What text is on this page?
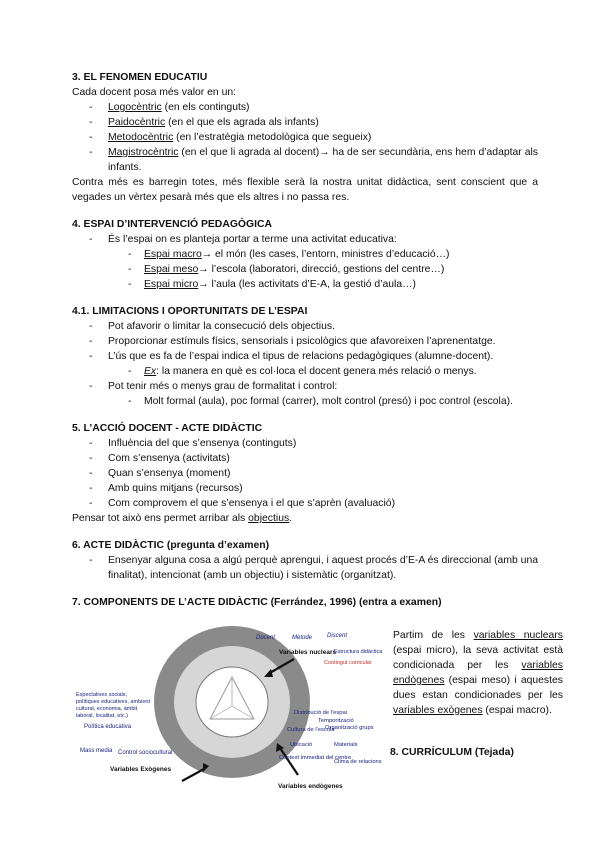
3. EL FENOMEN EDUCATIU

Cada docent posa més valor en un:

- Logocèntric (en els continguts)
- Paidocèntric (en el que els agrada als infants)
- Metodocèntric (en l’estratègia metodològica que segueix)
- Magistrocèntric (en el que li agrada al docent)→ ha de ser secundària, ens hem d’adaptar als infants.

Contra més es barregin totes, més flexible serà la nostra unitat didàctica, sent conscient que a vegades un vèrtex pesarà més que els altres i no passa res.

4. ESPAI D’INTERVENCIÓ PEDAGÒGICA
- És l’espai on es planteja portar a terme una activitat educativa:
- Espai macro→ el món (les cases, l’entorn, ministres d’educació…)
- Espai meso→ l’escola (laboratori, direcció, gestions del centre…)
- Espai micro→ l’aula (les activitats d’E-A, la gestió d’aula…)
4.1. LIMITACIONS I OPORTUNITATS DE L’ESPAI
- Pot afavorir o limitar la consecució dels objectius.
- Proporcionar estímuls físics, sensorials i psicològics que afavoreixen l’aprenentatge.
- L’ús que es fa de l’espai indica el tipus de relacions pedagògiques (alumne-docent).
- Ex: la manera en què es col·loca el docent genera més relació o menys.
- Pot tenir més o menys grau de formalitat i control:
- Molt formal (aula), poc formal (carrer), molt control (presó) i poc control (escola).
5. L’ACCIÓ DOCENT - ACTE DIDÀCTIC
- Influència del que s’ensenya (continguts)
- Com s’ensenya (activitats)
- Quan s’ensenya (moment)
- Amb quins mitjans (recursos)
- Com comprovem el que s’ensenya i el que s’aprèn (avaluació)

Pensar tot això ens permet arribar als objectius.

6. ACTE DIDÀCTIC (pregunta d’examen)
- Ensenyar alguna cosa a algú perquè aprengui, i aquest procés d’E-A és direccional (amb una finalitat), intencionat (amb un objectiu) i sistemàtic (organitzat).
7. COMPONENTS DE L’ACTE DIDÀCTIC (Ferrández, 1996) (entra a examen)
Docent	Mètode Discent
Variables nuclears
Estructura didàctica
Contingut curricular
Expectatives socials,
polítiques educatives, ambient
cultural, economia, àmbit
laboral, localitat, etc.)
Política educativa
Mass media Control sociocultural
Variables Exògenes
Distribució de l'espai
Temporització
Cultura de l'escola
Organització grups
Materials
Ubicació
Context immediat del centre
Clima de relacions
Variables endògenes

Partim de les variables nuclears (espai micro), la seva activitat està condicionada per les variables endògenes (espai meso) i aquestes dues estan condicionades per les variables exògenes (espai macro).

8. CURRÍCULUM (Tejada)
